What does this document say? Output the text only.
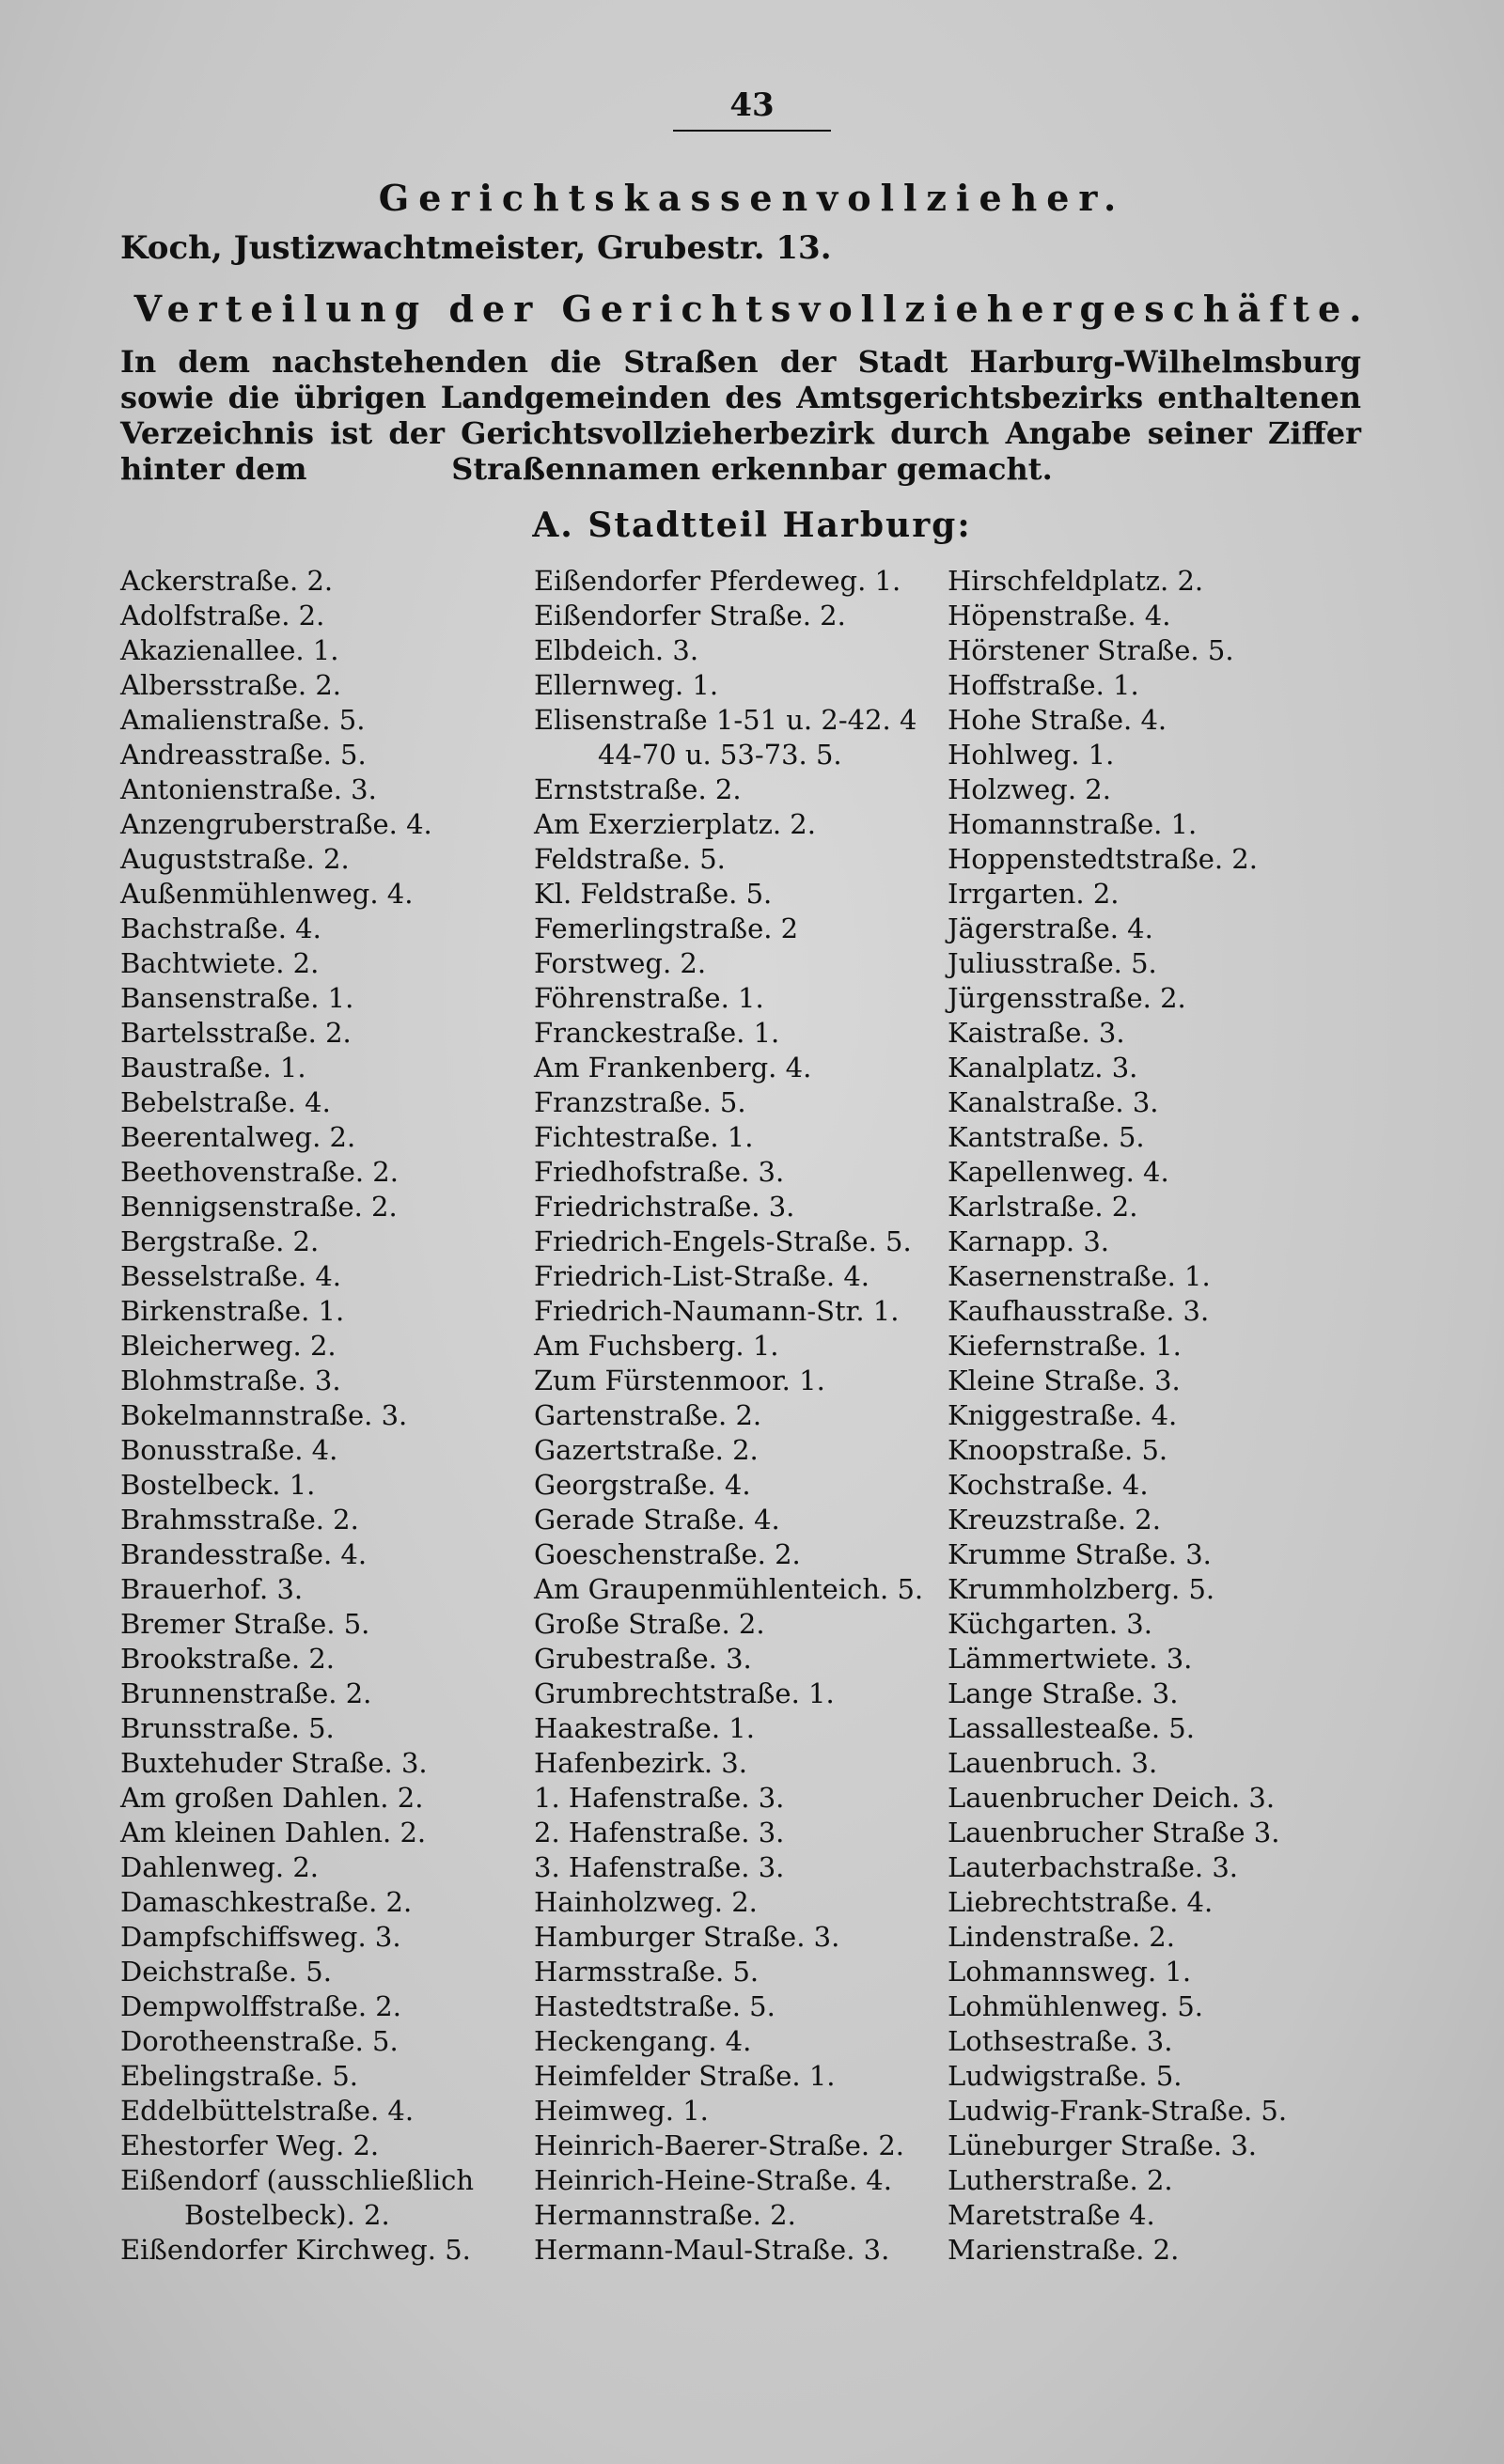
43
Gerichtskassenvollzieher.
Koch, Justizwachtmeister, Grubestr. 13.
Verteilung der Gerichtsvollziehergeschäfte.
In dem nachstehenden die Straßen der Stadt Harburg-Wilhelmsburg sowie die übrigen Landgemeinden des Amtsgerichtsbezirks enthaltenen Verzeichnis ist der Gerichtsvollzieherbezirk durch Angabe seiner Ziffer hinter dem	Straßennamen erkennbar gemacht.
A. Stadtteil Harburg:
Ackerstraße. 2.
Adolfstraße. 2.
Akazienallee. 1.
Albersstraße. 2.
Amalienstraße. 5.
Andreasstraße. 5.
Antonienstraße. 3.
Anzengruberstraße. 4.
Auguststraße. 2.
Außenmühlenweg. 4.
Bachstraße. 4.
Bachtwiete. 2.
Bansenstraße. 1.
Bartelsstraße. 2.
Baustraße. 1.
Bebelstraße. 4.
Beerentalweg. 2.
Beethovenstraße. 2.
Bennigsenstraße. 2.
Bergstraße. 2.
Besselstraße. 4.
Birkenstraße. 1.
Bleicherweg. 2.
Blohmstraße. 3.
Bokelmannstraße. 3.
Bonusstraße. 4.
Bostelbeck. 1.
Brahmsstraße. 2.
Brandesstraße. 4.
Brauerhof. 3.
Bremer Straße. 5.
Brookstraße. 2.
Brunnenstraße. 2.
Brunsstraße. 5.
Buxtehuder Straße. 3.
Am großen Dahlen. 2.
Am kleinen Dahlen. 2.
Dahlenweg. 2.
Damaschkestraße. 2.
Dampfschiffsweg. 3.
Deichstraße. 5.
Dempwolffstraße. 2.
Dorotheenstraße. 5.
Ebelingstraße. 5.
Eddelbüttelstraße. 4.
Ehestorfer Weg. 2.
Eißendorf (ausschließlich
Bostelbeck). 2.
Eißendorfer Kirchweg. 5.
Eißendorfer Pferdeweg. 1.
Eißendorfer Straße. 2.
Elbdeich. 3.
Ellernweg. 1.
Elisenstraße 1-51 u. 2-42. 4
44-70 u. 53-73. 5.
Ernststraße. 2.
Am Exerzierplatz. 2.
Feldstraße. 5.
Kl. Feldstraße. 5.
Femerlingstraße. 2
Forstweg. 2.
Föhrenstraße. 1.
Franckestraße. 1.
Am Frankenberg. 4.
Franzstraße. 5.
Fichtestraße. 1.
Friedhofstraße. 3.
Friedrichstraße. 3.
Friedrich-Engels-Straße. 5.
Friedrich-List-Straße. 4.
Friedrich-Naumann-Str. 1.
Am Fuchsberg. 1.
Zum Fürstenmoor. 1.
Gartenstraße. 2.
Gazertstraße. 2.
Georgstraße. 4.
Gerade Straße. 4.
Goeschenstraße. 2.
Am Graupenmühlenteich. 5.
Große Straße. 2.
Grubestraße. 3.
Grumbrechtstraße. 1.
Haakestraße. 1.
Hafenbezirk. 3.
1. Hafenstraße. 3.
2. Hafenstraße. 3.
3. Hafenstraße. 3.
Hainholzweg. 2.
Hamburger Straße. 3.
Harmsstraße. 5.
Hastedtstraße. 5.
Heckengang. 4.
Heimfelder Straße. 1.
Heimweg. 1.
Heinrich-Baerer-Straße. 2.
Heinrich-Heine-Straße. 4.
Hermannstraße. 2.
Hermann-Maul-Straße. 3.
Hirschfeldplatz. 2.
Höpenstraße. 4.
Hörstener Straße. 5.
Hoffstraße. 1.
Hohe Straße. 4.
Hohlweg. 1.
Holzweg. 2.
Homannstraße. 1.
Hoppenstedtstraße. 2.
Irrgarten. 2.
Jägerstraße. 4.
Juliusstraße. 5.
Jürgensstraße. 2.
Kaistraße. 3.
Kanalplatz. 3.
Kanalstraße. 3.
Kantstraße. 5.
Kapellenweg. 4.
Karlstraße. 2.
Karnapp. 3.
Kasernenstraße. 1.
Kaufhausstraße. 3.
Kiefernstraße. 1.
Kleine Straße. 3.
Kniggestraße. 4.
Knoopstraße. 5.
Kochstraße. 4.
Kreuzstraße. 2.
Krumme Straße. 3.
Krummholzberg. 5.
Küchgarten. 3.
Lämmertwiete. 3.
Lange Straße. 3.
Lassallesteaße. 5.
Lauenbruch. 3.
Lauenbrucher Deich. 3.
Lauenbrucher Straße 3.
Lauterbachstraße. 3.
Liebrechtstraße. 4.
Lindenstraße. 2.
Lohmannsweg. 1.
Lohmühlenweg. 5.
Lothsestraße. 3.
Ludwigstraße. 5.
Ludwig-Frank-Straße. 5.
Lüneburger Straße. 3.
Lutherstraße. 2.
Maretstraße 4.
Marienstraße. 2.
